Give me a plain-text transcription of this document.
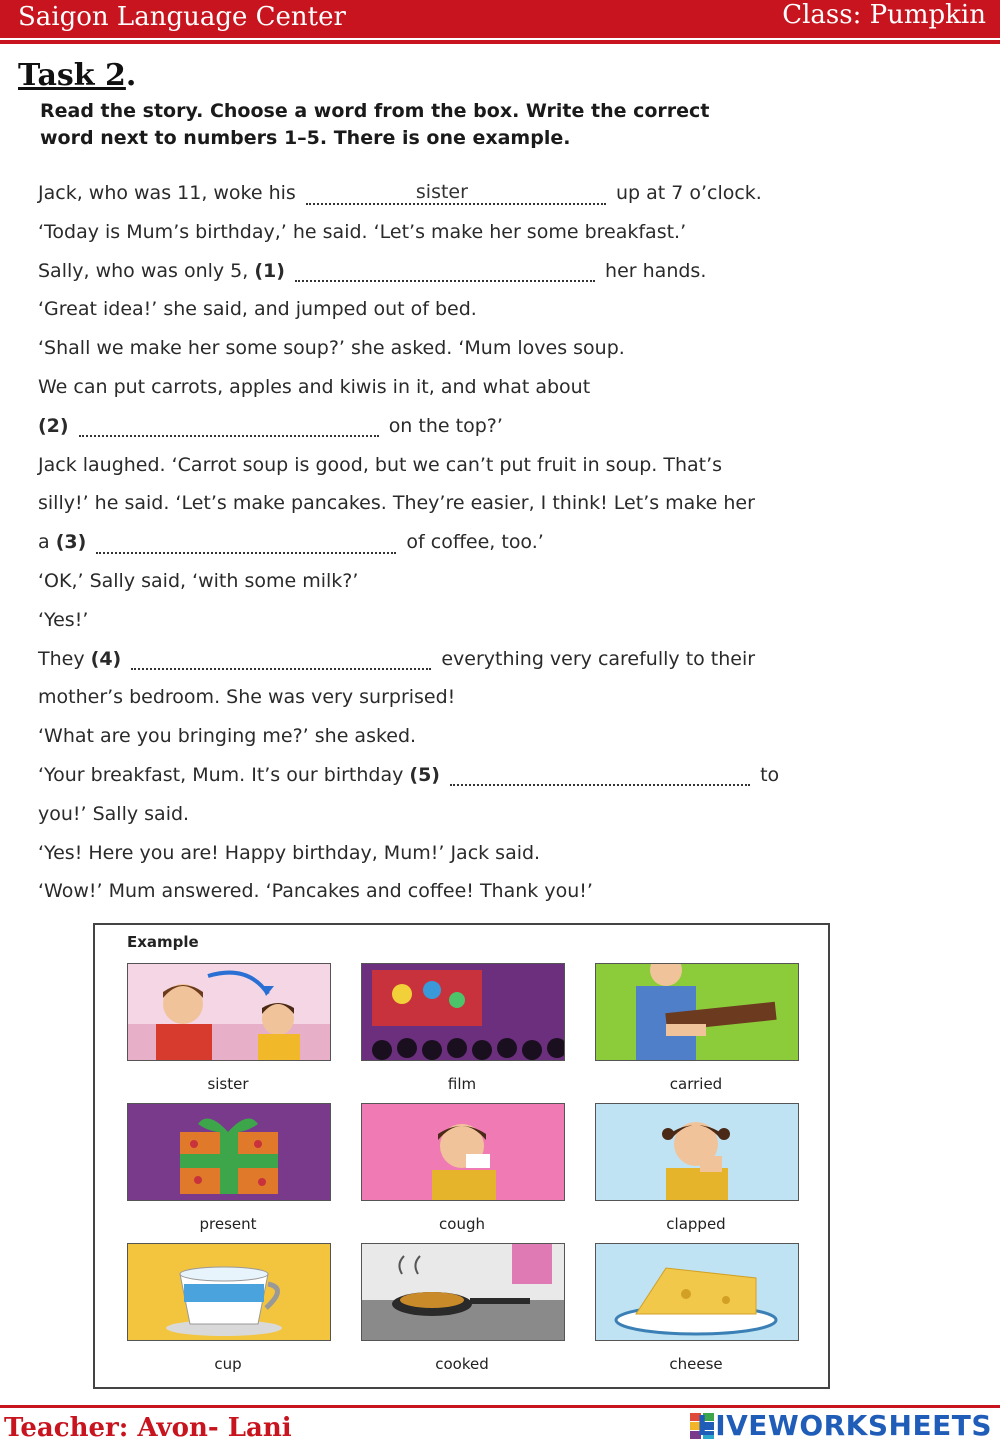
Saigon Language Center	Class: Pumpkin
Task 2.
Read the story. Choose a word from the box. Write the correct
word next to numbers 1–5. There is one example.
Jack, who was 11, woke his	sister	up at 7 o’clock.
‘Today is Mum’s birthday,’ he said. ‘Let’s make her some breakfast.’
Sally, who was only 5, (1)	her hands.
‘Great idea!’ she said, and jumped out of bed.
‘Shall we make her some soup?’ she asked. ‘Mum loves soup.
We can put carrots, apples and kiwis in it, and what about
(2)	on the top?’
Jack laughed. ‘Carrot soup is good, but we can’t put fruit in soup. That’s
silly!’ he said. ‘Let’s make pancakes. They’re easier, I think! Let’s make her
a (3)	of coffee, too.’
‘OK,’ Sally said, ‘with some milk?’
‘Yes!’
They (4)	everything very carefully to their
mother’s bedroom. She was very surprised!
‘What are you bringing me?’ she asked.
‘Your breakfast, Mum. It’s our birthday (5)	to
you!’ Sally said.
‘Yes! Here you are! Happy birthday, Mum!’ Jack said.
‘Wow!’ Mum answered. ‘Pancakes and coffee! Thank you!’
Example
sister	film	carried
present	cough	clapped
cup	cooked	cheese
Teacher: Avon- Lani	LIVEWORKSHEETS
